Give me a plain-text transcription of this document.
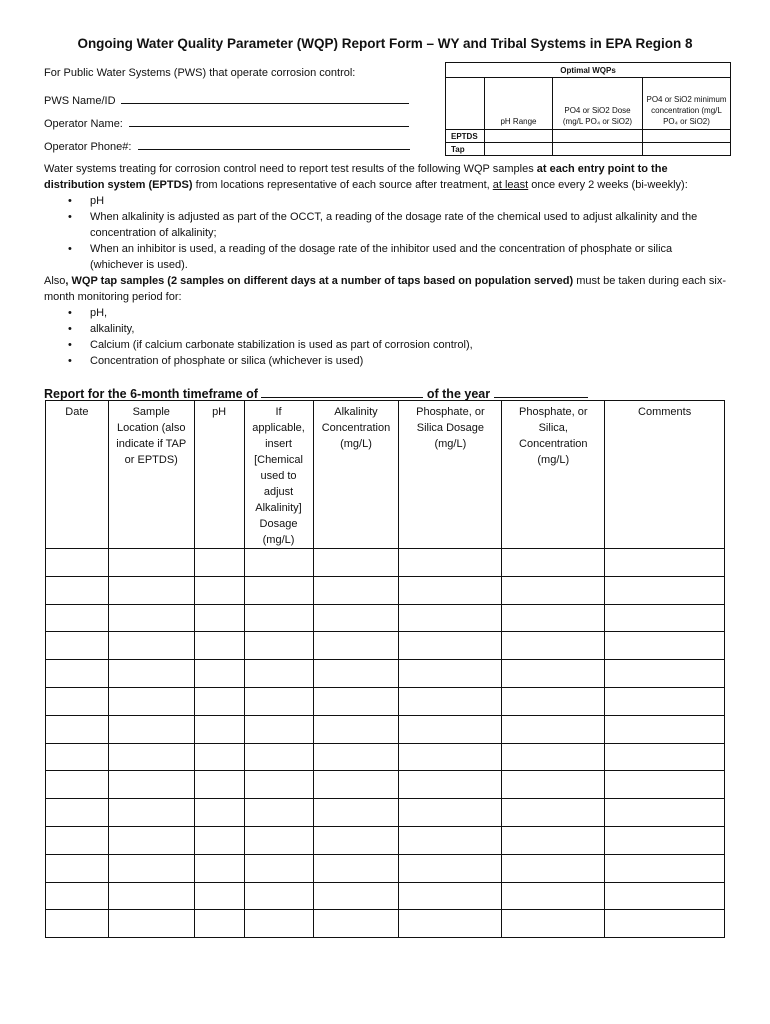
Ongoing Water Quality Parameter (WQP) Report Form – WY and Tribal Systems in EPA Region 8
For Public Water Systems (PWS) that operate corrosion control:
PWS Name/ID
Operator Name:
Operator Phone#:
Optimal WQPs			
	pH Range	PO4 or SiO2 Dose (mg/L PO₄ or SiO2)	PO4 or SiO2 minimum concentration (mg/L PO₄ or SiO2)
EPTDS			
Tap			
Water systems treating for corrosion control need to report test results of the following WQP samples at each entry point to the distribution system (EPTDS) from locations representative of each source after treatment, at least once every 2 weeks (bi-weekly):
• pH
• When alkalinity is adjusted as part of the OCCT, a reading of the dosage rate of the chemical used to adjust alkalinity and the concentration of alkalinity;
• When an inhibitor is used, a reading of the dosage rate of the inhibitor used and the concentration of phosphate or silica (whichever is used).
Also, WQP tap samples (2 samples on different days at a number of taps based on population served) must be taken during each six-month monitoring period for:
• pH,
• alkalinity,
• Calcium (if calcium carbonate stabilization is used as part of corrosion control),
• Concentration of phosphate or silica (whichever is used)
Report for the 6-month timeframe of	of the year
Date	Sample Location (also indicate if TAP or EPTDS)	pH	If applicable, insert [Chemical used to adjust Alkalinity] Dosage (mg/L)	Alkalinity Concentration (mg/L)	Phosphate, or Silica Dosage (mg/L)	Phosphate, or Silica, Concentration (mg/L)	Comments
